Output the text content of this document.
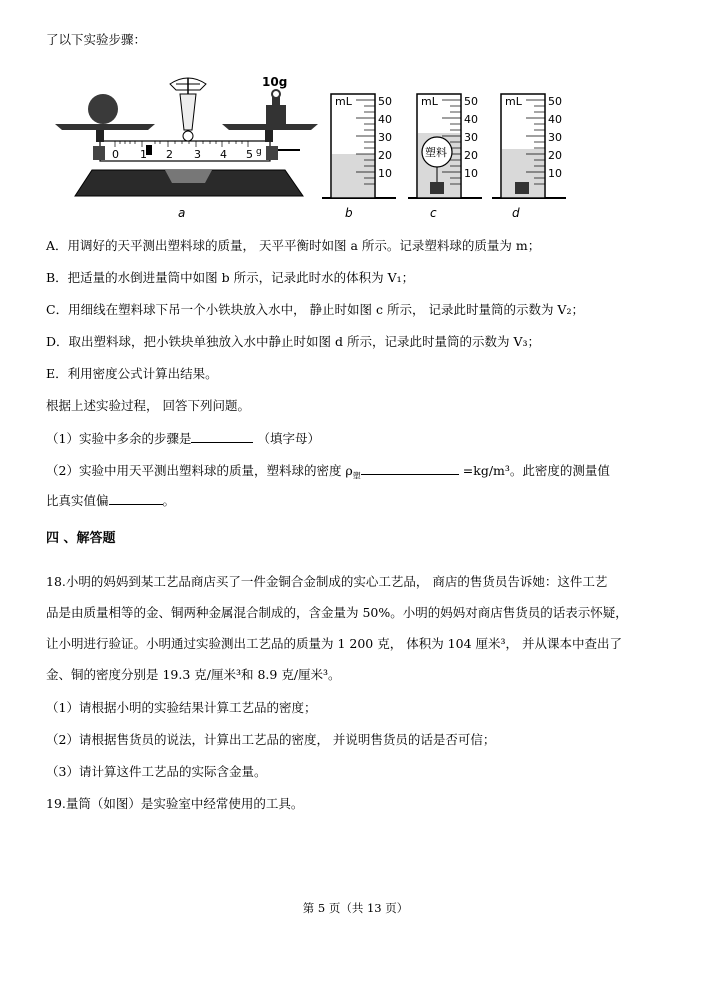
了以下实验步骤：
10g
0 1 2 3 4 5 g
a
mL 50
40
30
20
10
b
塑料
mL 50
40
30
20
10
c
mL 50
40
30
20
10
d
A．用调好的天平测出塑料球的质量， 天平平衡时如图 a 所示。记录塑料球的质量为 m；
B．把适量的水倒进量筒中如图 b 所示，记录此时水的体积为 V₁；
C．用细线在塑料球下吊一个小铁块放入水中， 静止时如图 c 所示， 记录此时量筒的示数为 V₂；
D．取出塑料球，把小铁块单独放入水中静止时如图 d 所示，记录此时量筒的示数为 V₃；
E．利用密度公式计算出结果。
根据上述实验过程， 回答下列问题。
（1）实验中多余的步骤是	（填字母）
（2）实验中用天平测出塑料球的质量，塑料球的密度 $\rho_塑$	=kg/m³。此密度的测量值
比真实值偏	。
四 、解答题
18.小明的妈妈到某工艺品商店买了一件金铜合金制成的实心工艺品， 商店的售货员告诉她：这件工艺
品是由质量相等的金、铜两种金属混合制成的，含金量为 50%。小明的妈妈对商店售货员的话表示怀疑，
让小明进行验证。小明通过实验测出工艺品的质量为 1 200 克， 体积为 104 厘米³， 并从课本中查出了
金、铜的密度分别是 19.3 克/厘米³和 8.9 克/厘米³。
（1）请根据小明的实验结果计算工艺品的密度；
（2）请根据售货员的说法，计算出工艺品的密度， 并说明售货员的话是否可信；
（3）请计算这件工艺品的实际含金量。
19.量筒（如图）是实验室中经常使用的工具。
第 5 页（共 13 页）
